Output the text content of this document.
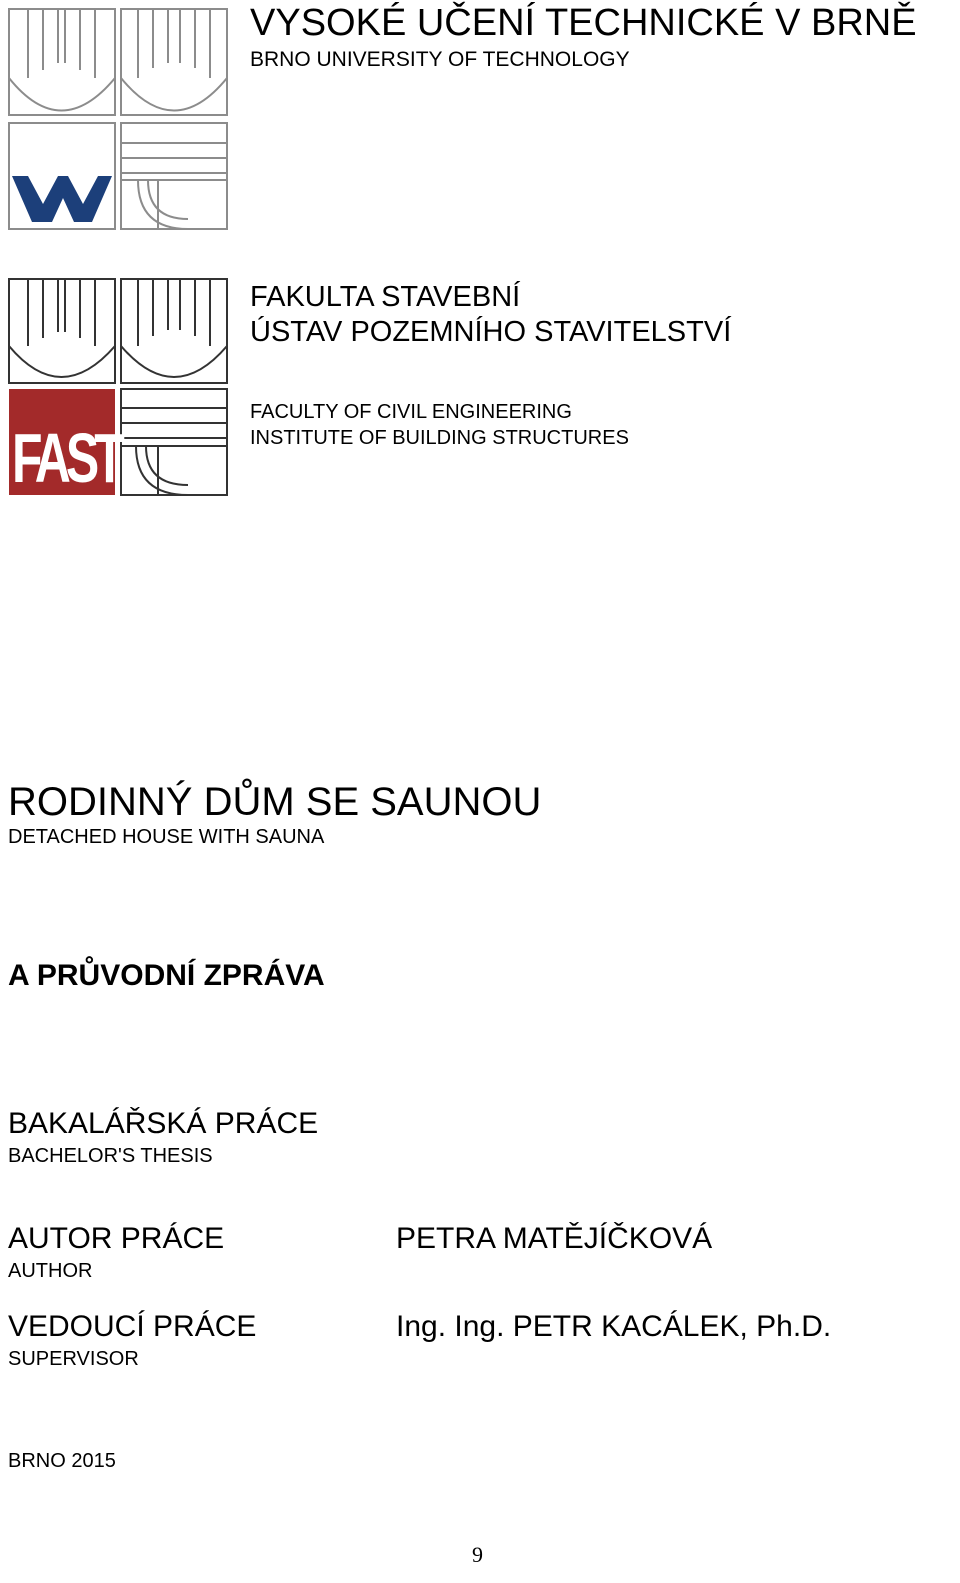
FAST
VYSOKÉ UČENÍ TECHNICKÉ V BRNĚ
BRNO UNIVERSITY OF TECHNOLOGY
FAKULTA STAVEBNÍ
ÚSTAV POZEMNÍHO STAVITELSTVÍ
FACULTY OF CIVIL ENGINEERING
INSTITUTE OF BUILDING STRUCTURES
RODINNÝ DŮM SE SAUNOU
DETACHED HOUSE WITH SAUNA
A PRŮVODNÍ ZPRÁVA
BAKALÁŘSKÁ PRÁCE
BACHELOR'S THESIS
AUTOR PRÁCE
AUTHOR
PETRA MATĚJÍČKOVÁ
VEDOUCÍ PRÁCE
SUPERVISOR
Ing. Ing. PETR KACÁLEK, Ph.D.
BRNO 2015
9
